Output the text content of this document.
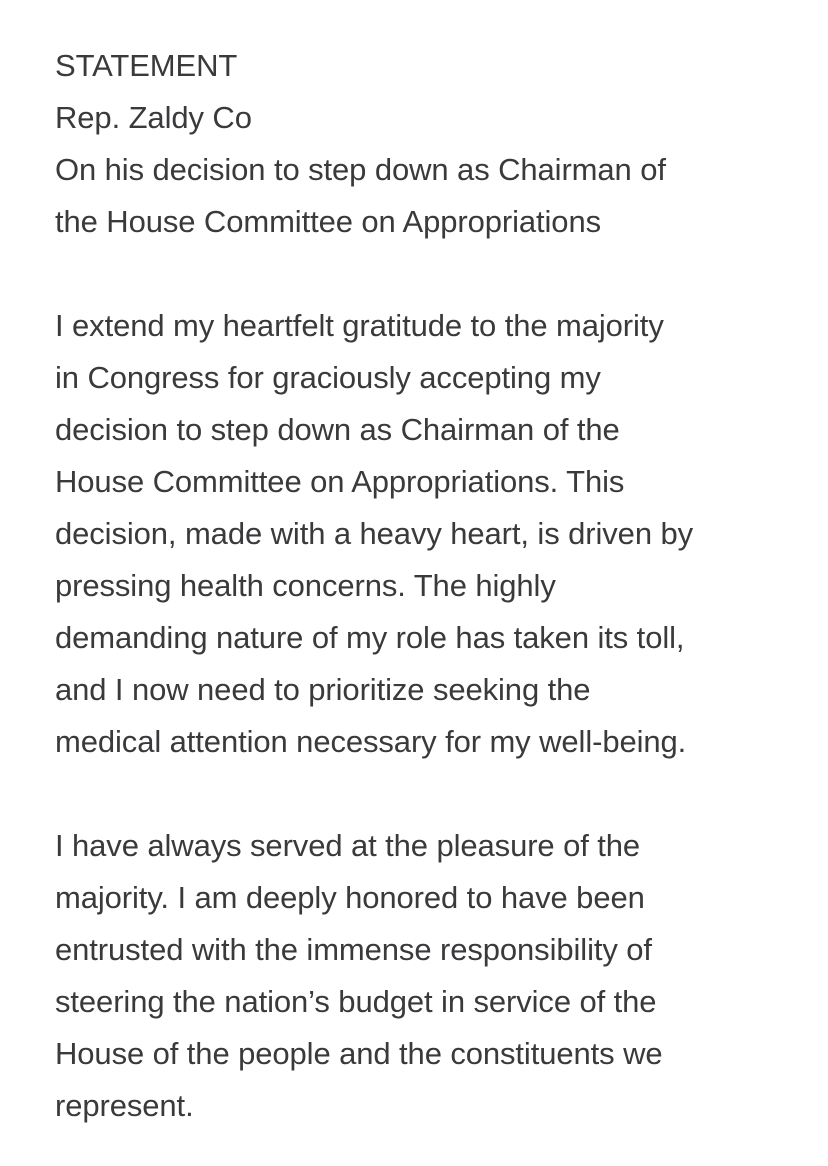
STATEMENT
Rep. Zaldy Co
On his decision to step down as Chairman of
the House Committee on Appropriations
I extend my heartfelt gratitude to the majority
in Congress for graciously accepting my
decision to step down as Chairman of the
House Committee on Appropriations. This
decision, made with a heavy heart, is driven by
pressing health concerns. The highly
demanding nature of my role has taken its toll,
and I now need to prioritize seeking the
medical attention necessary for my well-being.
I have always served at the pleasure of the
majority. I am deeply honored to have been
entrusted with the immense responsibility of
steering the nation’s budget in service of the
House of the people and the constituents we
represent.
